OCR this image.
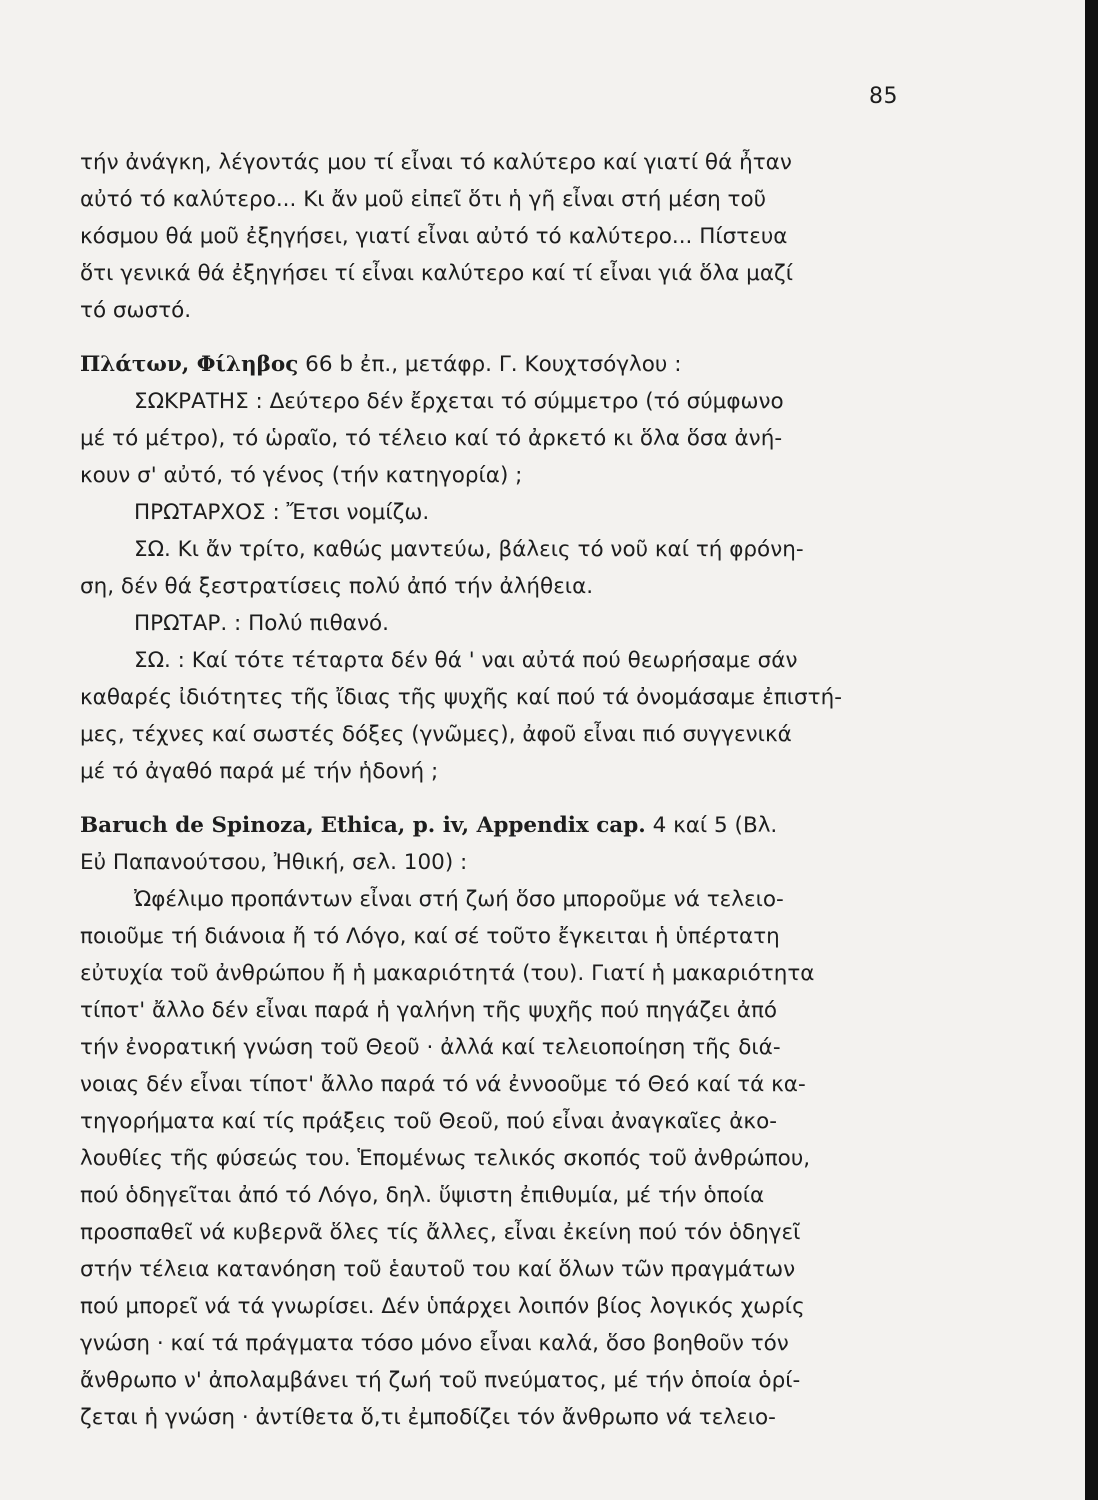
85
τήν ἀνάγκη, λέγοντάς μου τί εἶναι τό καλύτερο καί γιατί θά ἦταν
αὐτό τό καλύτερο... Κι ἄν μοῦ εἰπεῖ ὅτι ἡ γῆ εἶναι στή μέση τοῦ
κόσμου θά μοῦ ἐξηγήσει, γιατί εἶναι αὐτό τό καλύτερο... Πίστευα
ὅτι γενικά θά ἐξηγήσει τί εἶναι καλύτερο καί τί εἶναι γιά ὅλα μαζί
τό σωστό.
Πλάτων, Φίληβος 66 b ἐπ., μετάφρ. Γ. Κουχτσόγλου :
ΣΩΚΡΑΤΗΣ : Δεύτερο δέν ἔρχεται τό σύμμετρο (τό σύμφωνο
μέ τό μέτρο), τό ὡραῖο, τό τέλειο καί τό ἀρκετό κι ὅλα ὅσα ἀνή-
κουν σ' αὐτό, τό γένος (τήν κατηγορία) ;
ΠΡΩΤΑΡΧΟΣ : Ἔτσι νομίζω.
ΣΩ. Κι ἄν τρίτο, καθώς μαντεύω, βάλεις τό νοῦ καί τή φρόνη-
ση, δέν θά ξεστρατίσεις πολύ ἀπό τήν ἀλήθεια.
ΠΡΩΤΑΡ. : Πολύ πιθανό.
ΣΩ. : Καί τότε τέταρτα δέν θά ' ναι αὐτά πού θεωρήσαμε σάν
καθαρές ἰδιότητες τῆς ἴδιας τῆς ψυχῆς καί πού τά ὀνομάσαμε ἐπιστή-
μες, τέχνες καί σωστές δόξες (γνῶμες), ἀφοῦ εἶναι πιό συγγενικά
μέ τό ἀγαθό παρά μέ τήν ἡδονή ;
Baruch de Spinoza, Ethica, p. iv, Appendix cap. 4 καί 5 (Βλ.
Εὐ Παπανούτσου, Ἠθική, σελ. 100) :
Ὠφέλιμο προπάντων εἶναι στή ζωή ὅσο μποροῦμε νά τελειο-
ποιοῦμε τή διάνοια ἤ τό Λόγο, καί σέ τοῦτο ἔγκειται ἡ ὑπέρτατη
εὐτυχία τοῦ ἀνθρώπου ἤ ἡ μακαριότητά (του). Γιατί ἡ μακαριότητα
τίποτ' ἄλλο δέν εἶναι παρά ἡ γαλήνη τῆς ψυχῆς πού πηγάζει ἀπό
τήν ἐνορατική γνώση τοῦ Θεοῦ · ἀλλά καί τελειοποίηση τῆς διά-
νοιας δέν εἶναι τίποτ' ἄλλο παρά τό νά ἐννοοῦμε τό Θεό καί τά κα-
τηγορήματα καί τίς πράξεις τοῦ Θεοῦ, πού εἶναι ἀναγκαῖες ἀκο-
λουθίες τῆς φύσεώς του. Ἑπομένως τελικός σκοπός τοῦ ἀνθρώπου,
πού ὁδηγεῖται ἀπό τό Λόγο, δηλ. ὕψιστη ἐπιθυμία, μέ τήν ὁποία
προσπαθεῖ νά κυβερνᾶ ὅλες τίς ἄλλες, εἶναι ἐκείνη πού τόν ὁδηγεῖ
στήν τέλεια κατανόηση τοῦ ἑαυτοῦ του καί ὅλων τῶν πραγμάτων
πού μπορεῖ νά τά γνωρίσει. Δέν ὑπάρχει λοιπόν βίος λογικός χωρίς
γνώση · καί τά πράγματα τόσο μόνο εἶναι καλά, ὅσο βοηθοῦν τόν
ἄνθρωπο ν' ἀπολαμβάνει τή ζωή τοῦ πνεύματος, μέ τήν ὁποία ὁρί-
ζεται ἡ γνώση · ἀντίθετα ὅ,τι ἐμποδίζει τόν ἄνθρωπο νά τελειο-
